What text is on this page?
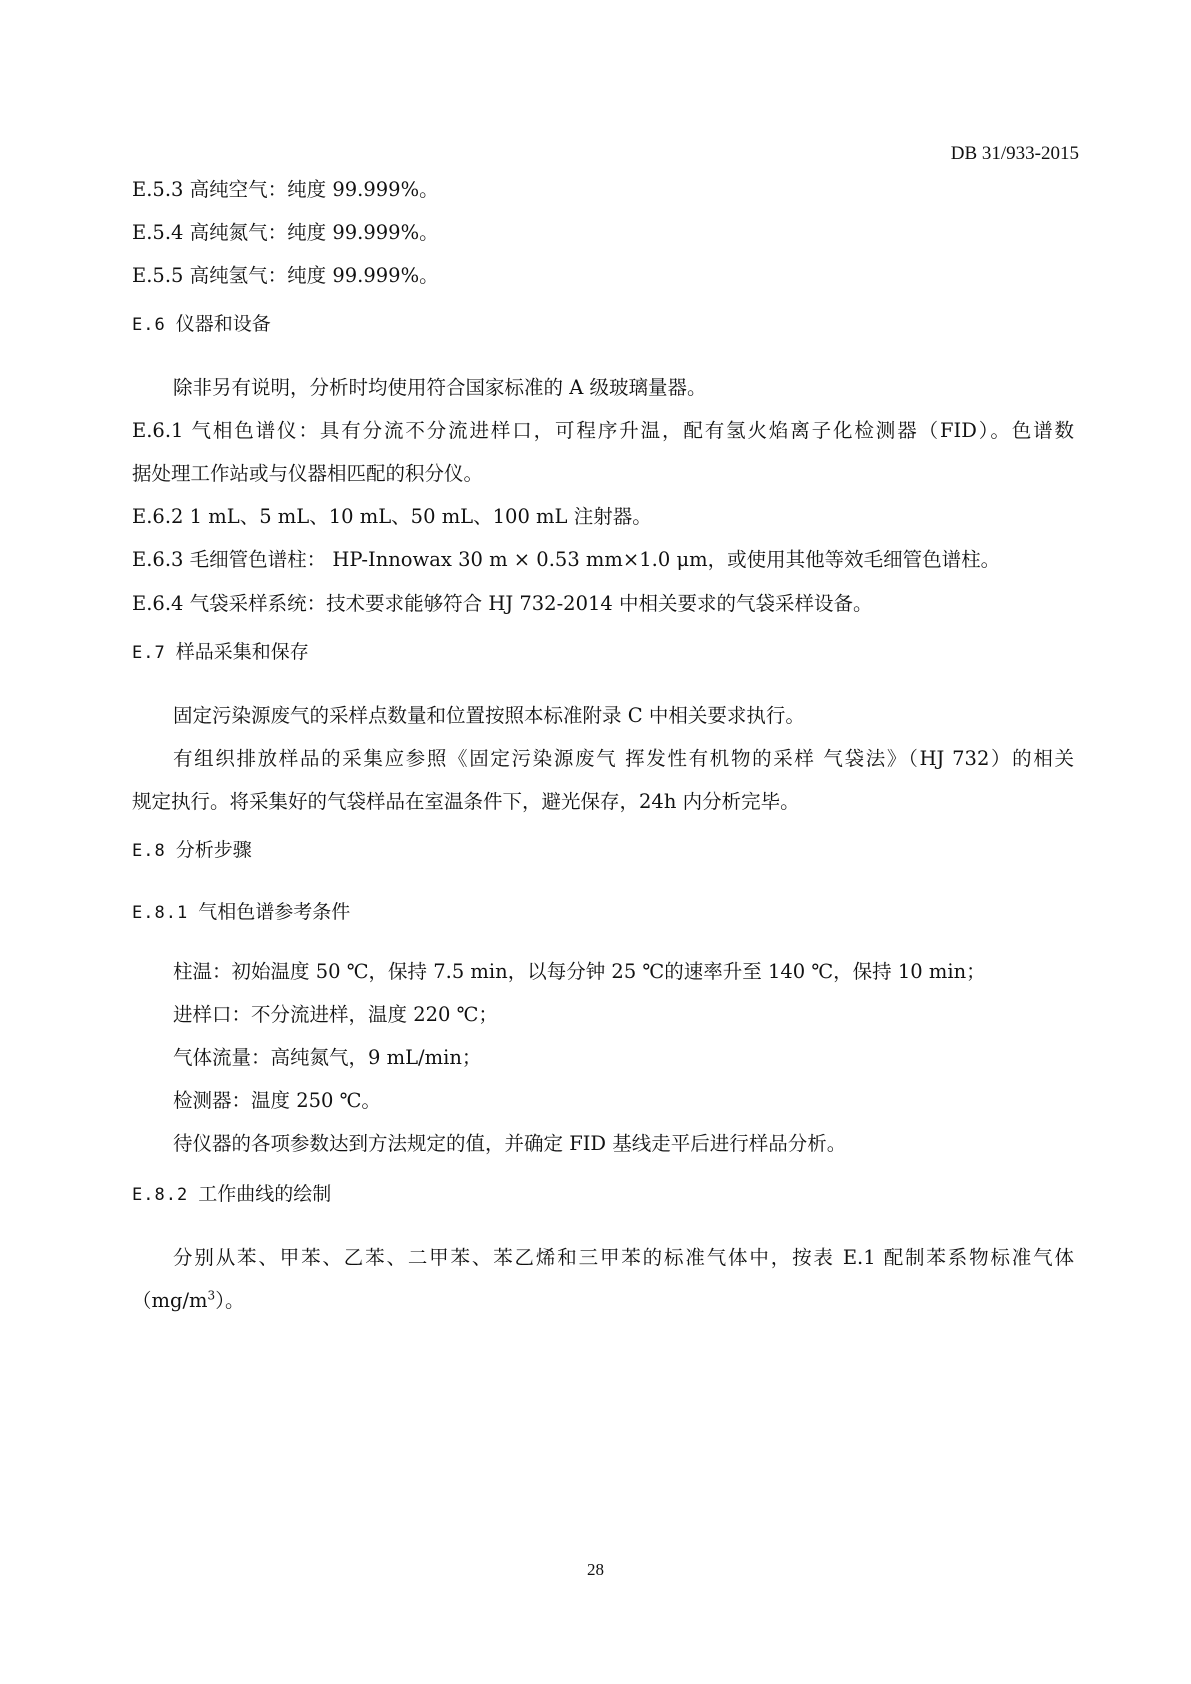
DB 31/933-2015
E.5.3 高纯空气：纯度 99.999%。
E.5.4 高纯氮气：纯度 99.999%。
E.5.5 高纯氢气：纯度 99.999%。
E.6 仪器和设备
除非另有说明，分析时均使用符合国家标准的 A 级玻璃量器。
E.6.1 气相色谱仪：具有分流不分流进样口，可程序升温，配有氢火焰离子化检测器（FID）。色谱数
据处理工作站或与仪器相匹配的积分仪。
E.6.2 1 mL、5 mL、10 mL、50 mL、100 mL 注射器。
E.6.3 毛细管色谱柱： HP-Innowax 30 m × 0.53 mm×1.0 μm，或使用其他等效毛细管色谱柱。
E.6.4 气袋采样系统：技术要求能够符合 HJ 732-2014 中相关要求的气袋采样设备。
E.7 样品采集和保存
固定污染源废气的采样点数量和位置按照本标准附录 C 中相关要求执行。
有组织排放样品的采集应参照《固定污染源废气 挥发性有机物的采样 气袋法》（HJ 732）的相关
规定执行。将采集好的气袋样品在室温条件下，避光保存，24h 内分析完毕。
E.8 分析步骤
E.8.1 气相色谱参考条件
柱温：初始温度 50 ℃，保持 7.5 min，以每分钟 25 ℃的速率升至 140 ℃，保持 10 min；
进样口：不分流进样，温度 220 ℃；
气体流量：高纯氮气，9 mL/min；
检测器：温度 250 ℃。
待仪器的各项参数达到方法规定的值，并确定 FID 基线走平后进行样品分析。
E.8.2 工作曲线的绘制
分别从苯、甲苯、乙苯、二甲苯、苯乙烯和三甲苯的标准气体中，按表 E.1 配制苯系物标准气体
$(mg/m^3)$。
28
